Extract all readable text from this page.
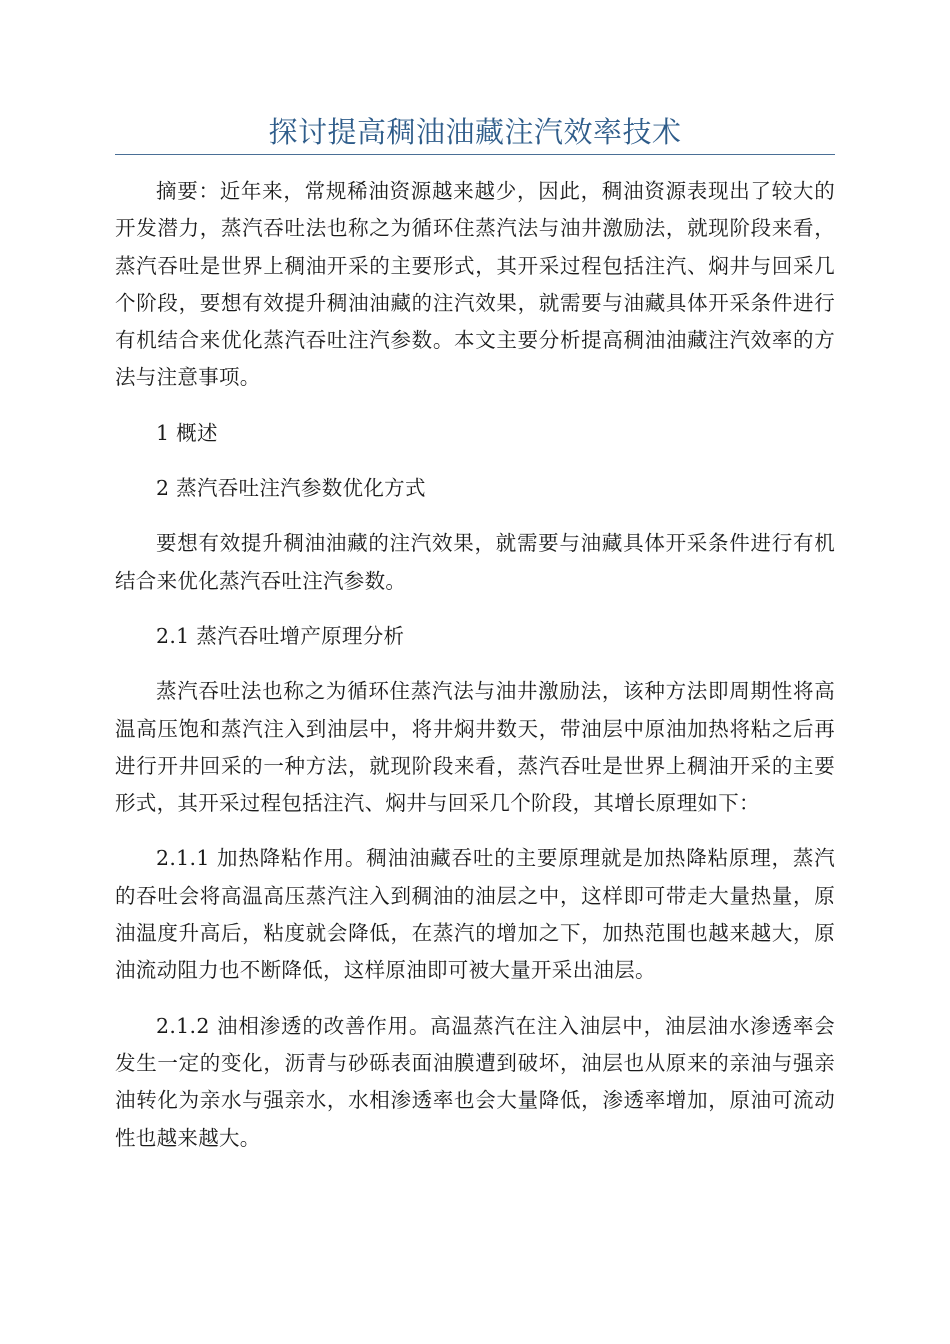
探讨提高稠油油藏注汽效率技术

摘要：近年来，常规稀油资源越来越少，因此，稠油资源表现出了较大的开发潜力，蒸汽吞吐法也称之为循环住蒸汽法与油井激励法，就现阶段来看，蒸汽吞吐是世界上稠油开采的主要形式，其开采过程包括注汽、焖井与回采几个阶段，要想有效提升稠油油藏的注汽效果，就需要与油藏具体开采条件进行有机结合来优化蒸汽吞吐注汽参数。本文主要分析提高稠油油藏注汽效率的方法与注意事项。

1 概述

2 蒸汽吞吐注汽参数优化方式

要想有效提升稠油油藏的注汽效果，就需要与油藏具体开采条件进行有机结合来优化蒸汽吞吐注汽参数。

2.1 蒸汽吞吐增产原理分析

蒸汽吞吐法也称之为循环住蒸汽法与油井激励法，该种方法即周期性将高温高压饱和蒸汽注入到油层中，将井焖井数天，带油层中原油加热将粘之后再进行开井回采的一种方法，就现阶段来看，蒸汽吞吐是世界上稠油开采的主要形式，其开采过程包括注汽、焖井与回采几个阶段，其增长原理如下：

2.1.1 加热降粘作用。稠油油藏吞吐的主要原理就是加热降粘原理，蒸汽的吞吐会将高温高压蒸汽注入到稠油的油层之中，这样即可带走大量热量，原油温度升高后，粘度就会降低，在蒸汽的增加之下，加热范围也越来越大，原油流动阻力也不断降低，这样原油即可被大量开采出油层。

2.1.2 油相渗透的改善作用。高温蒸汽在注入油层中，油层油水渗透率会发生一定的变化，沥青与砂砾表面油膜遭到破坏，油层也从原来的亲油与强亲油转化为亲水与强亲水，水相渗透率也会大量降低，渗透率增加，原油可流动性也越来越大。
